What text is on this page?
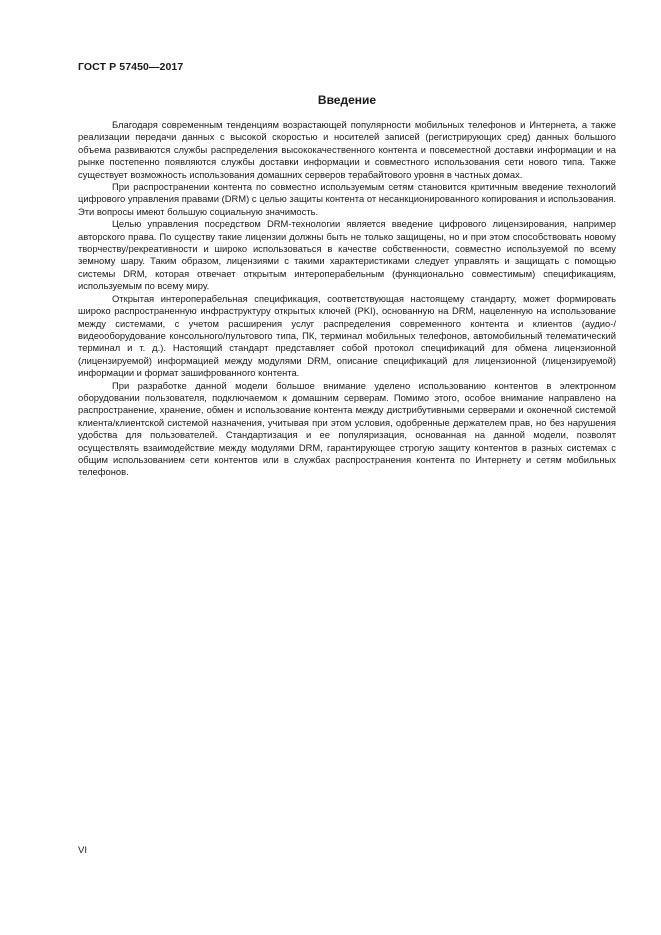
ГОСТ Р 57450—2017
Введение

Благодаря современным тенденциям возрастающей популярности мобильных телефонов и Интернета, а также реализации передачи данных с высокой скоростью и носителей записей (регистрирующих сред) данных большого объема развиваются службы распределения высококачественного контента и повсеместной доставки информации и на рынке постепенно появляются службы доставки информации и совместного использования сети нового типа. Также существует возможность использования домашних серверов терабайтового уровня в частных домах.

При распространении контента по совместно используемым сетям становится критичным введение технологий цифрового управления правами (DRM) с целью защиты контента от несанкционированного копирования и использования. Эти вопросы имеют большую социальную значимость.

Целью управления посредством DRM-технологии является введение цифрового лицензирования, например авторского права. По существу такие лицензии должны быть не только защищены, но и при этом способствовать новому творчеству/рекреативности и широко использоваться в качестве собственности, совместно используемой по всему земному шару. Таким образом, лицензиями с такими характеристиками следует управлять и защищать с помощью системы DRM, которая отвечает открытым интероперабельным (функционально совместимым) спецификациям, используемым по всему миру.

Открытая интероперабельная спецификация, соответствующая настоящему стандарту, может формировать широко распространенную инфраструктуру открытых ключей (PKI), основанную на DRM, нацеленную на использование между системами, с учетом расширения услуг распределения современного контента и клиентов (аудио-/видеооборудование консольного/пультового типа, ПК, терминал мобильных телефонов, автомобильный телематический терминал и т. д.). Настоящий стандарт представляет собой протокол спецификаций для обмена лицензионной (лицензируемой) информацией между модулями DRM, описание спецификаций для лицензионной (лицензируемой) информации и формат зашифрованного контента.

При разработке данной модели большое внимание уделено использованию контентов в электронном оборудовании пользователя, подключаемом к домашним серверам. Помимо этого, особое внимание направлено на распространение, хранение, обмен и использование контента между дистрибутивными серверами и оконечной системой клиента/клиентской системой назначения, учитывая при этом условия, одобренные держателем прав, но без нарушения удобства для пользователей. Стандартизация и ее популяризация, основанная на данной модели, позволят осуществлять взаимодействие между модулями DRM, гарантирующее строгую защиту контентов в разных системах с общим использованием сети контентов или в службах распространения контента по Интернету и сетям мобильных телефонов.

VI
